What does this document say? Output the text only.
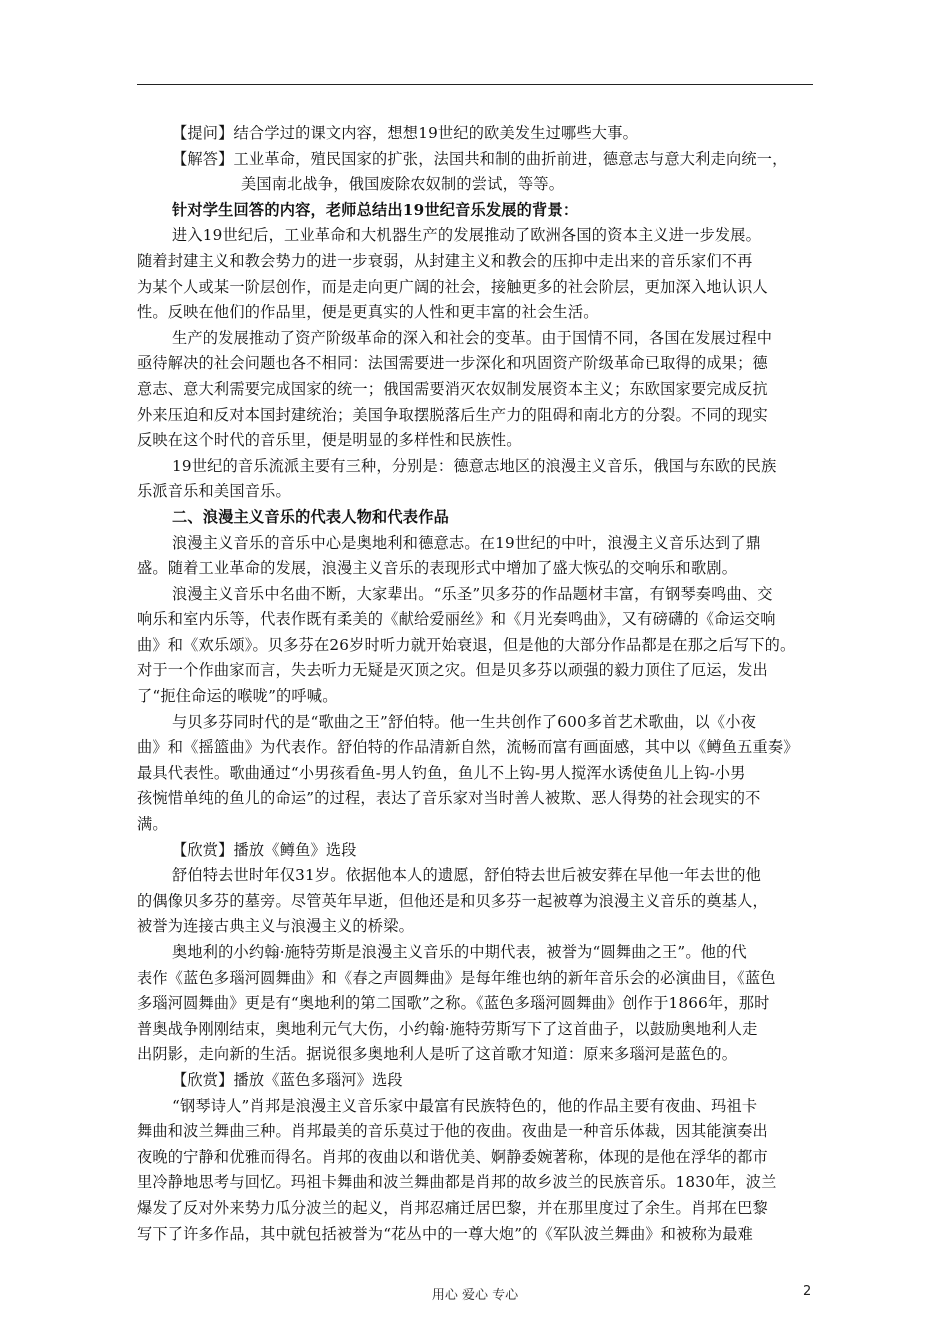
【提问】结合学过的课文内容，想想19世纪的欧美发生过哪些大事。
【解答】工业革命，殖民国家的扩张，法国共和制的曲折前进，德意志与意大利走向统一，
美国南北战争，俄国废除农奴制的尝试，等等。
针对学生回答的内容，老师总结出19世纪音乐发展的背景：
进入19世纪后，工业革命和大机器生产的发展推动了欧洲各国的资本主义进一步发展。
随着封建主义和教会势力的进一步衰弱，从封建主义和教会的压抑中走出来的音乐家们不再
为某个人或某一阶层创作，而是走向更广阔的社会，接触更多的社会阶层，更加深入地认识人
性。反映在他们的作品里，便是更真实的人性和更丰富的社会生活。
生产的发展推动了资产阶级革命的深入和社会的变革。由于国情不同，各国在发展过程中
亟待解决的社会问题也各不相同：法国需要进一步深化和巩固资产阶级革命已取得的成果；德
意志、意大利需要完成国家的统一；俄国需要消灭农奴制发展资本主义；东欧国家要完成反抗
外来压迫和反对本国封建统治；美国争取摆脱落后生产力的阻碍和南北方的分裂。不同的现实
反映在这个时代的音乐里，便是明显的多样性和民族性。
19世纪的音乐流派主要有三种，分别是：德意志地区的浪漫主义音乐，俄国与东欧的民族
乐派音乐和美国音乐。
二、浪漫主义音乐的代表人物和代表作品
浪漫主义音乐的音乐中心是奥地利和德意志。在19世纪的中叶，浪漫主义音乐达到了鼎
盛。随着工业革命的发展，浪漫主义音乐的表现形式中增加了盛大恢弘的交响乐和歌剧。
浪漫主义音乐中名曲不断，大家辈出。“乐圣”贝多芬的作品题材丰富，有钢琴奏鸣曲、交
响乐和室内乐等，代表作既有柔美的《献给爱丽丝》和《月光奏鸣曲》，又有磅礴的《命运交响
曲》和《欢乐颂》。贝多芬在26岁时听力就开始衰退，但是他的大部分作品都是在那之后写下的。
对于一个作曲家而言，失去听力无疑是灭顶之灾。但是贝多芬以顽强的毅力顶住了厄运，发出
了“扼住命运的喉咙”的呼喊。
与贝多芬同时代的是“歌曲之王”舒伯特。他一生共创作了600多首艺术歌曲，以《小夜
曲》和《摇篮曲》为代表作。舒伯特的作品清新自然，流畅而富有画面感，其中以《鳟鱼五重奏》
最具代表性。歌曲通过“小男孩看鱼-男人钓鱼，鱼儿不上钩-男人搅浑水诱使鱼儿上钩-小男
孩惋惜单纯的鱼儿的命运”的过程，表达了音乐家对当时善人被欺、恶人得势的社会现实的不
满。
【欣赏】播放《鳟鱼》选段
舒伯特去世时年仅31岁。依据他本人的遗愿，舒伯特去世后被安葬在早他一年去世的他
的偶像贝多芬的墓旁。尽管英年早逝，但他还是和贝多芬一起被尊为浪漫主义音乐的奠基人，
被誉为连接古典主义与浪漫主义的桥梁。
奥地利的小约翰·施特劳斯是浪漫主义音乐的中期代表，被誉为“圆舞曲之王”。他的代
表作《蓝色多瑙河圆舞曲》和《春之声圆舞曲》是每年维也纳的新年音乐会的必演曲目，《蓝色
多瑙河圆舞曲》更是有“奥地利的第二国歌”之称。《蓝色多瑙河圆舞曲》创作于1866年，那时
普奥战争刚刚结束，奥地利元气大伤，小约翰·施特劳斯写下了这首曲子，以鼓励奥地利人走
出阴影，走向新的生活。据说很多奥地利人是听了这首歌才知道：原来多瑙河是蓝色的。
【欣赏】播放《蓝色多瑙河》选段
“钢琴诗人”肖邦是浪漫主义音乐家中最富有民族特色的，他的作品主要有夜曲、玛祖卡
舞曲和波兰舞曲三种。肖邦最美的音乐莫过于他的夜曲。夜曲是一种音乐体裁，因其能演奏出
夜晚的宁静和优雅而得名。肖邦的夜曲以和谐优美、婀静委婉著称，体现的是他在浮华的都市
里冷静地思考与回忆。玛祖卡舞曲和波兰舞曲都是肖邦的故乡波兰的民族音乐。1830年，波兰
爆发了反对外来势力瓜分波兰的起义，肖邦忍痛迁居巴黎，并在那里度过了余生。肖邦在巴黎
写下了许多作品，其中就包括被誉为“花丛中的一尊大炮”的《军队波兰舞曲》和被称为最难
用心 爱心 专心	2
